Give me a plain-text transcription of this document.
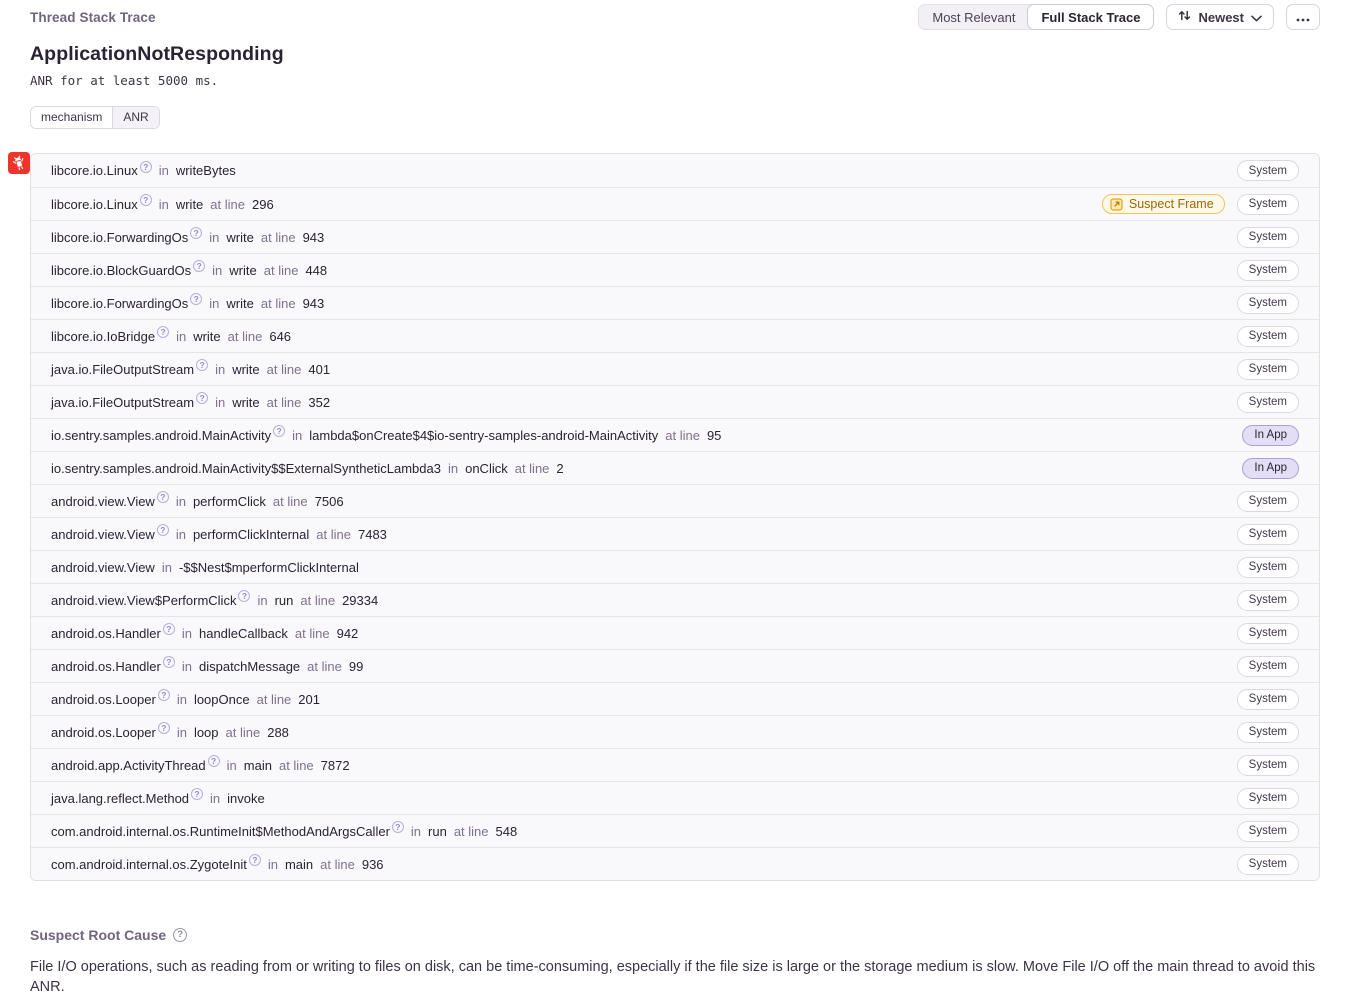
Thread Stack Trace	Most Relevant	Full Stack Trace	Newest
ApplicationNotResponding
ANR for at least 5000 ms.
mechanism	ANR
libcore.io.Linux ? in writeBytes	System
libcore.io.Linux ? in write at line 296	Suspect Frame	System
libcore.io.ForwardingOs ? in write at line 943	System
libcore.io.BlockGuardOs ? in write at line 448	System
libcore.io.ForwardingOs ? in write at line 943	System
libcore.io.IoBridge ? in write at line 646	System
java.io.FileOutputStream ? in write at line 401	System
java.io.FileOutputStream ? in write at line 352	System
io.sentry.samples.android.MainActivity ? in lambda$onCreate$4$io-sentry-samples-android-MainActivity at line 95	In App
io.sentry.samples.android.MainActivity$$ExternalSyntheticLambda3 in onClick at line 2	In App
android.view.View ? in performClick at line 7506	System
android.view.View ? in performClickInternal at line 7483	System
android.view.View in -$$Nest$mperformClickInternal	System
android.view.View$PerformClick ? in run at line 29334	System
android.os.Handler ? in handleCallback at line 942	System
android.os.Handler ? in dispatchMessage at line 99	System
android.os.Looper ? in loopOnce at line 201	System
android.os.Looper ? in loop at line 288	System
android.app.ActivityThread ? in main at line 7872	System
java.lang.reflect.Method ? in invoke	System
com.android.internal.os.RuntimeInit$MethodAndArgsCaller ? in run at line 548	System
com.android.internal.os.ZygoteInit ? in main at line 936	System
Suspect Root Cause	?

File I/O operations, such as reading from or writing to files on disk, can be time-consuming, especially if the file size is large or the storage medium is slow. Move File I/O off the main thread to avoid this ANR.
